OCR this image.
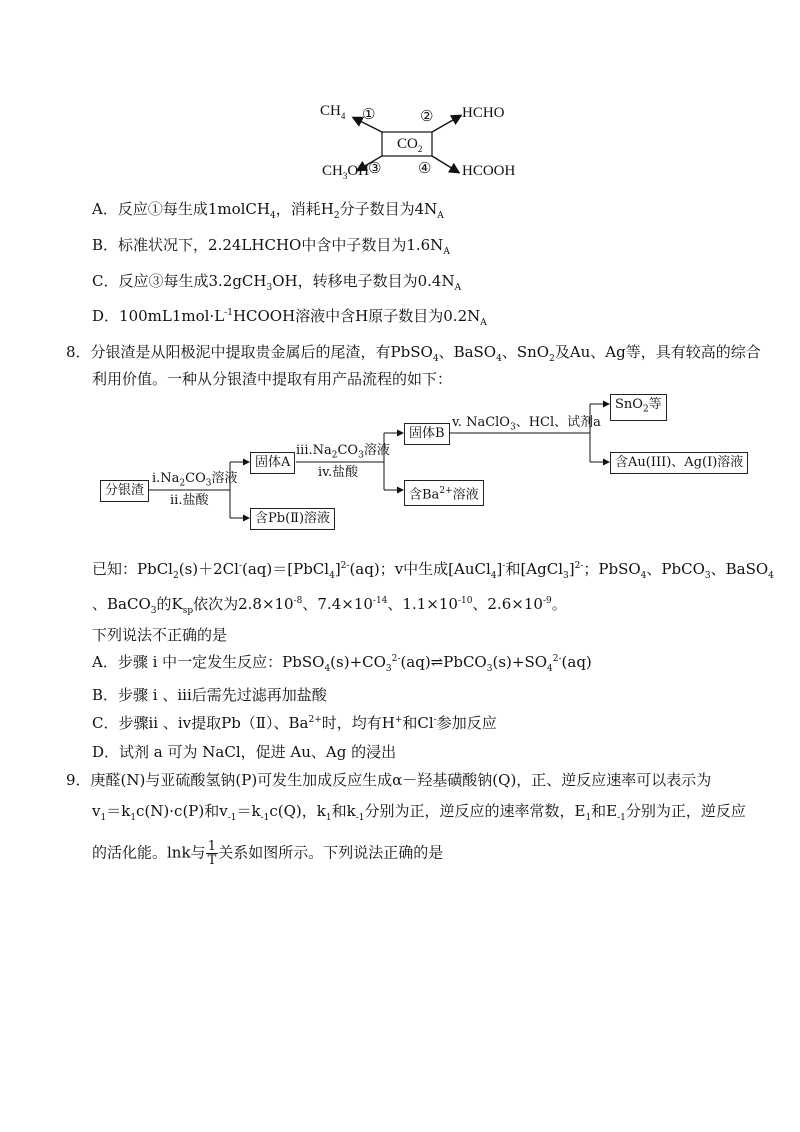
$CO_2$
$CH_4$	HCHO
$CH_3OH$	HCOOH
①	②
③ ④
A．反应①每生成1molCH$_4$，消耗$H_2$分子数目为$4N_A$
B．标准状况下，2.24LHCHO中含中子数目为$1.6N_A$
C．反应③每生成3.2gCH$_3$OH，转移电子数目为$0.4N_A$
D．$100mL1mol\cdot L^{-1}HCOOH$溶液中含H原子数目为$0.2N_A$
8．分银渣是从阳极泥中提取贵金属后的尾渣，有PbSO$_4$、BaSO$_4$、SnO$_2$及Au、Ag等，具有较高的综合
利用价值。一种从分银渣中提取有用产品流程的如下：
分银渣
$i.Na_2CO_3$溶液
ii.盐酸
固体A
含Pb(Ⅱ)溶液
$iii.Na_2CO_3$溶液
iv.盐酸
固体B
含$Ba^{2+}$溶液
v. NaClO$_3$、HCl、试剂a
SnO$_2$等
含Au(III)、Ag(I)溶液
已知：PbCl$_2$(s)＋2Cl-(aq)＝[PbCl$_4$]$^{2-}$(aq)；v中生成[AuCl$_4$]-和[AgCl$_3$]$^{2-}$；PbSO$_4$、PbCO$_3$、BaSO$_4$
、BaCO$_3$的$K_{sp}$依次为$2.8\times 10^{-8}$、$7.4\times 10^{-14}$、$1.1\times 10^{-10}$、$2.6\times 10^{-9}$。
下列说法不正确的是
A．步骤 i 中一定发生反应：$PbSO_4(s)+CO_3^{2-}(aq)\rightleftharpoons PbCO_3(s)+SO_4^{2-}(aq)$
B．步骤 i 、iii后需先过滤再加盐酸
C．步骤ii 、iv提取Pb（Ⅱ）、$Ba^{2+}$时，均有H+和Cl-参加反应
D．试剂 a 可为 NaCl，促进 Au、Ag 的浸出
9．庚醛(N)与亚硫酸氢钠(P)可发生加成反应生成α－羟基磺酸钠(Q)，正、逆反应速率可以表示为
$v_1=k_1c(N)\cdot c(P)$和$v_{-1}=k_{-1}c(Q)$，$k_1$和$k_{-1}$分别为正，逆反应的速率常数，$E_1$和$E_{-1}$分别为正，逆反应
的活化能。lnk与 $\frac{1}{T}$ 关系如图所示。下列说法正确的是
